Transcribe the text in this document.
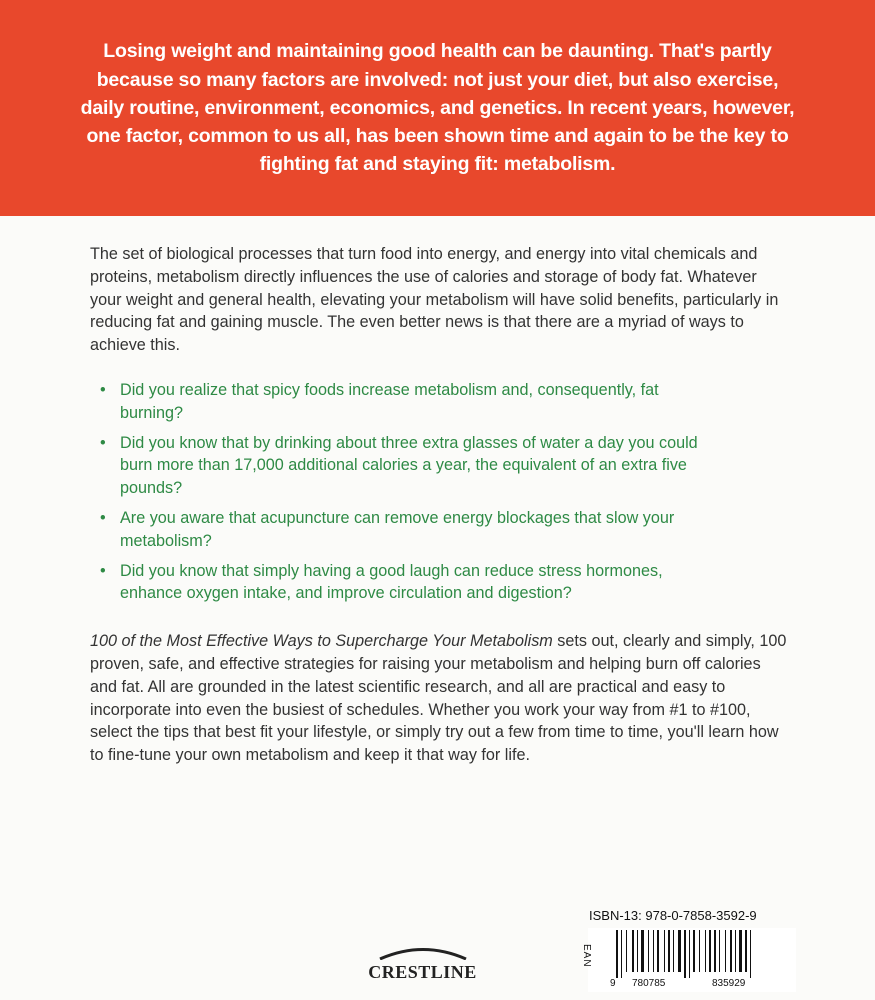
Losing weight and maintaining good health can be daunting. That's partly because so many factors are involved: not just your diet, but also exercise, daily routine, environment, economics, and genetics. In recent years, however, one factor, common to us all, has been shown time and again to be the key to fighting fat and staying fit: metabolism.

The set of biological processes that turn food into energy, and energy into vital chemicals and proteins, metabolism directly influences the use of calories and storage of body fat. Whatever your weight and general health, elevating your metabolism will have solid benefits, particularly in reducing fat and gaining muscle. The even better news is that there are a myriad of ways to achieve this.

• Did you realize that spicy foods increase metabolism and, consequently, fat burning?
• Did you know that by drinking about three extra glasses of water a day you could burn more than 17,000 additional calories a year, the equivalent of an extra five pounds?
• Are you aware that acupuncture can remove energy blockages that slow your metabolism?
• Did you know that simply having a good laugh can reduce stress hormones, enhance oxygen intake, and improve circulation and digestion?

100 of the Most Effective Ways to Supercharge Your Metabolism sets out, clearly and simply, 100 proven, safe, and effective strategies for raising your metabolism and helping burn off calories and fat. All are grounded in the latest scientific research, and all are practical and easy to incorporate into even the busiest of schedules. Whether you work your way from #1 to #100, select the tips that best fit your lifestyle, or simply try out a few from time to time, you'll learn how to fine-tune your own metabolism and keep it that way for life.

CRESTLINE
ISBN-13: 978-0-7858-3592-9
EAN
9 780785	835929
